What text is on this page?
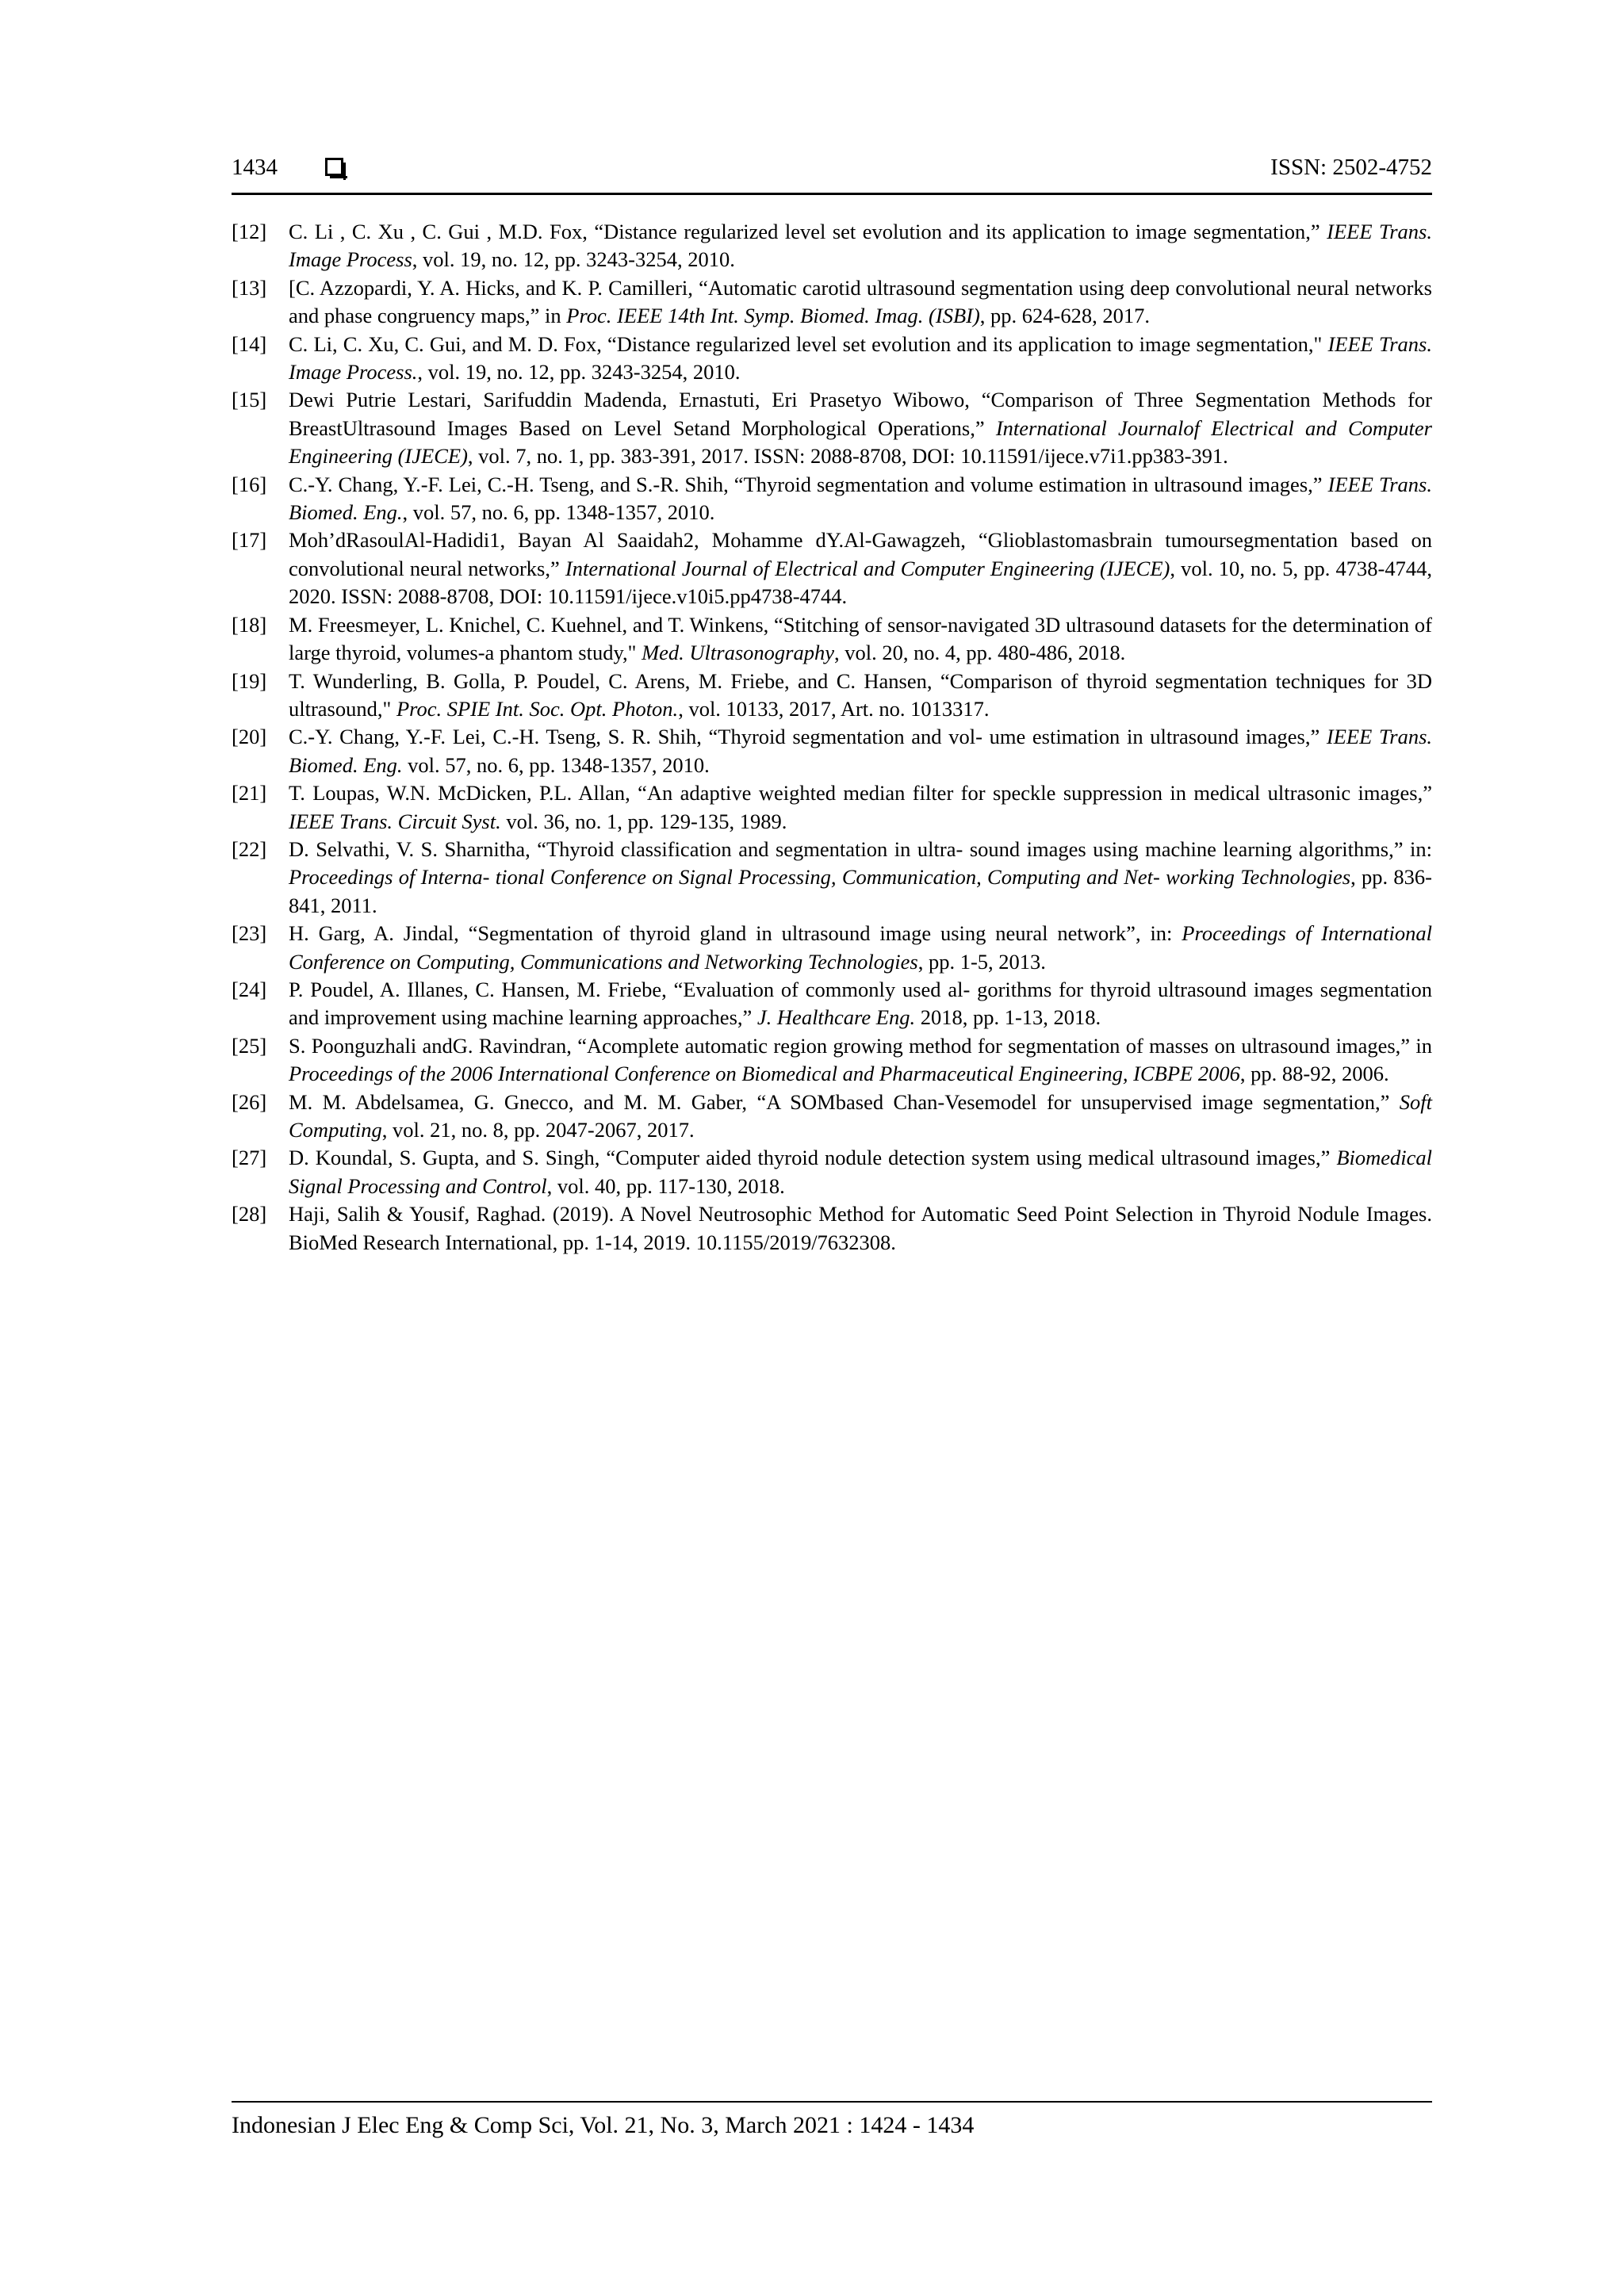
1434	ISSN: 2502-4752
[12] C. Li , C. Xu , C. Gui , M.D. Fox, “Distance regularized level set evolution and its application to image segmentation,” IEEE Trans. Image Process, vol. 19, no. 12, pp. 3243-3254, 2010.
[13] [C. Azzopardi, Y. A. Hicks, and K. P. Camilleri, “Automatic carotid ultrasound segmentation using deep convolutional neural networks and phase congruency maps,” in Proc. IEEE 14th Int. Symp. Biomed. Imag. (ISBI), pp. 624-628, 2017.
[14] C. Li, C. Xu, C. Gui, and M. D. Fox, “Distance regularized level set evolution and its application to image segmentation," IEEE Trans. Image Process., vol. 19, no. 12, pp. 3243-3254, 2010.
[15] Dewi Putrie Lestari, Sarifuddin Madenda, Ernastuti, Eri Prasetyo Wibowo, “Comparison of Three Segmentation Methods for BreastUltrasound Images Based on Level Setand Morphological Operations,” International Journalof Electrical and Computer Engineering (IJECE), vol. 7, no. 1, pp. 383-391, 2017. ISSN: 2088-8708, DOI: 10.11591/ijece.v7i1.pp383-391.
[16] C.-Y. Chang, Y.-F. Lei, C.-H. Tseng, and S.-R. Shih, “Thyroid segmentation and volume estimation in ultrasound images,” IEEE Trans. Biomed. Eng., vol. 57, no. 6, pp. 1348-1357, 2010.
[17] Moh’dRasoulAl-Hadidi1, Bayan Al Saaidah2, Mohamme dY.Al-Gawagzeh, “Glioblastomasbrain tumoursegmentation based on convolutional neural networks,” International Journal of Electrical and Computer Engineering (IJECE), vol. 10, no. 5, pp. 4738-4744, 2020. ISSN: 2088-8708, DOI: 10.11591/ijece.v10i5.pp4738-4744.
[18] M. Freesmeyer, L. Knichel, C. Kuehnel, and T. Winkens, “Stitching of sensor-navigated 3D ultrasound datasets for the determination of large thyroid, volumes-a phantom study," Med. Ultrasonography, vol. 20, no. 4, pp. 480-486, 2018.
[19] T. Wunderling, B. Golla, P. Poudel, C. Arens, M. Friebe, and C. Hansen, “Comparison of thyroid segmentation techniques for 3D ultrasound," Proc. SPIE Int. Soc. Opt. Photon., vol. 10133, 2017, Art. no. 1013317.
[20] C.-Y. Chang, Y.-F. Lei, C.-H. Tseng, S. R. Shih, “Thyroid segmentation and vol- ume estimation in ultrasound images,” IEEE Trans. Biomed. Eng. vol. 57, no. 6, pp. 1348-1357, 2010.
[21] T. Loupas, W.N. McDicken, P.L. Allan, “An adaptive weighted median filter for speckle suppression in medical ultrasonic images,” IEEE Trans. Circuit Syst. vol. 36, no. 1, pp. 129-135, 1989.
[22] D. Selvathi, V. S. Sharnitha, “Thyroid classification and segmentation in ultra- sound images using machine learning algorithms,” in: Proceedings of Interna- tional Conference on Signal Processing, Communication, Computing and Net- working Technologies, pp. 836-841, 2011.
[23] H. Garg, A. Jindal, “Segmentation of thyroid gland in ultrasound image using neural network”, in: Proceedings of International Conference on Computing, Communications and Networking Technologies, pp. 1-5, 2013.
[24] P. Poudel, A. Illanes, C. Hansen, M. Friebe, “Evaluation of commonly used al- gorithms for thyroid ultrasound images segmentation and improvement using machine learning approaches,” J. Healthcare Eng. 2018, pp. 1-13, 2018.
[25] S. Poonguzhali andG. Ravindran, “Acomplete automatic region growing method for segmentation of masses on ultrasound images,” in Proceedings of the 2006 International Conference on Biomedical and Pharmaceutical Engineering, ICBPE 2006, pp. 88-92, 2006.
[26] M. M. Abdelsamea, G. Gnecco, and M. M. Gaber, “A SOMbased Chan-Vesemodel for unsupervised image segmentation,” Soft Computing, vol. 21, no. 8, pp. 2047-2067, 2017.
[27] D. Koundal, S. Gupta, and S. Singh, “Computer aided thyroid nodule detection system using medical ultrasound images,” Biomedical Signal Processing and Control, vol. 40, pp. 117-130, 2018.
[28] Haji, Salih & Yousif, Raghad. (2019). A Novel Neutrosophic Method for Automatic Seed Point Selection in Thyroid Nodule Images. BioMed Research International, pp. 1-14, 2019. 10.1155/2019/7632308.
Indonesian J Elec Eng & Comp Sci, Vol. 21, No. 3, March 2021 : 1424 - 1434
